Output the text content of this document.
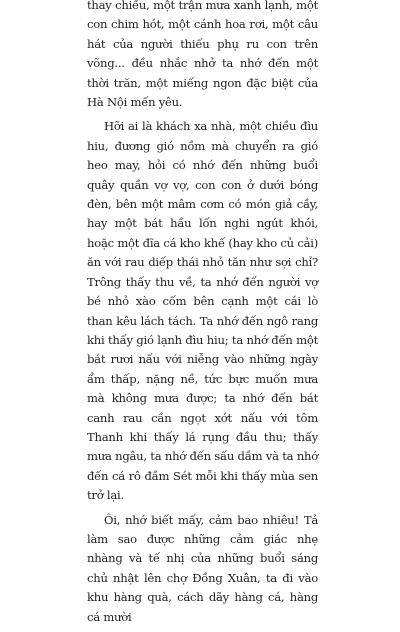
thay chiều, một trận mưa xanh lạnh, một con chim hót, một cánh hoa rơi, một câu hát của người thiếu phụ ru con trên võng... đều nhắc nhở ta nhớ đến một thời trăn, một miếng ngon đặc biệt của Hà Nội mến yêu.

Hỡi ai là khách xa nhà, một chiều đìu hiu, đương gió nồm mà chuyển ra gió heo may, hỏi có nhớ đến những buổi quây quần vợ vợ, con con ở dưới bóng đèn, bên một mâm cơm có món giả cầy, hay một bát hầu lốn nghi ngút khói, hoặc một đĩa cá kho khế (hay kho củ cải) ăn với rau diếp thái nhỏ tăn như sợi chỉ? Trông thấy thu về, ta nhớ đến người vợ bé nhỏ xào cốm bên cạnh một cái lò than kêu lách tách. Ta nhớ đến ngô rang khi thấy gió lạnh đìu hiu; ta nhớ đến một bát rươi nấu với niễng vào những ngày ẩm thấp, nặng nề, tức bực muốn mưa mà không mưa được; ta nhớ đến bát canh rau cần ngọt xớt nấu với tôm Thanh khi thấy lá rụng đầu thu; thấy mưa ngâu, ta nhớ đến sấu dầm và ta nhớ đến cá rô đầm Sét mỗi khi thấy mùa sen trở lại.

Ôi, nhớ biết mấy, cảm bao nhiêu! Tả làm sao được những cảm giác nhẹ nhàng và tế nhị của những buổi sáng chủ nhật lên chợ Đồng Xuân, ta đi vào khu hàng quà, cách dãy hàng cá, hàng cá mười
